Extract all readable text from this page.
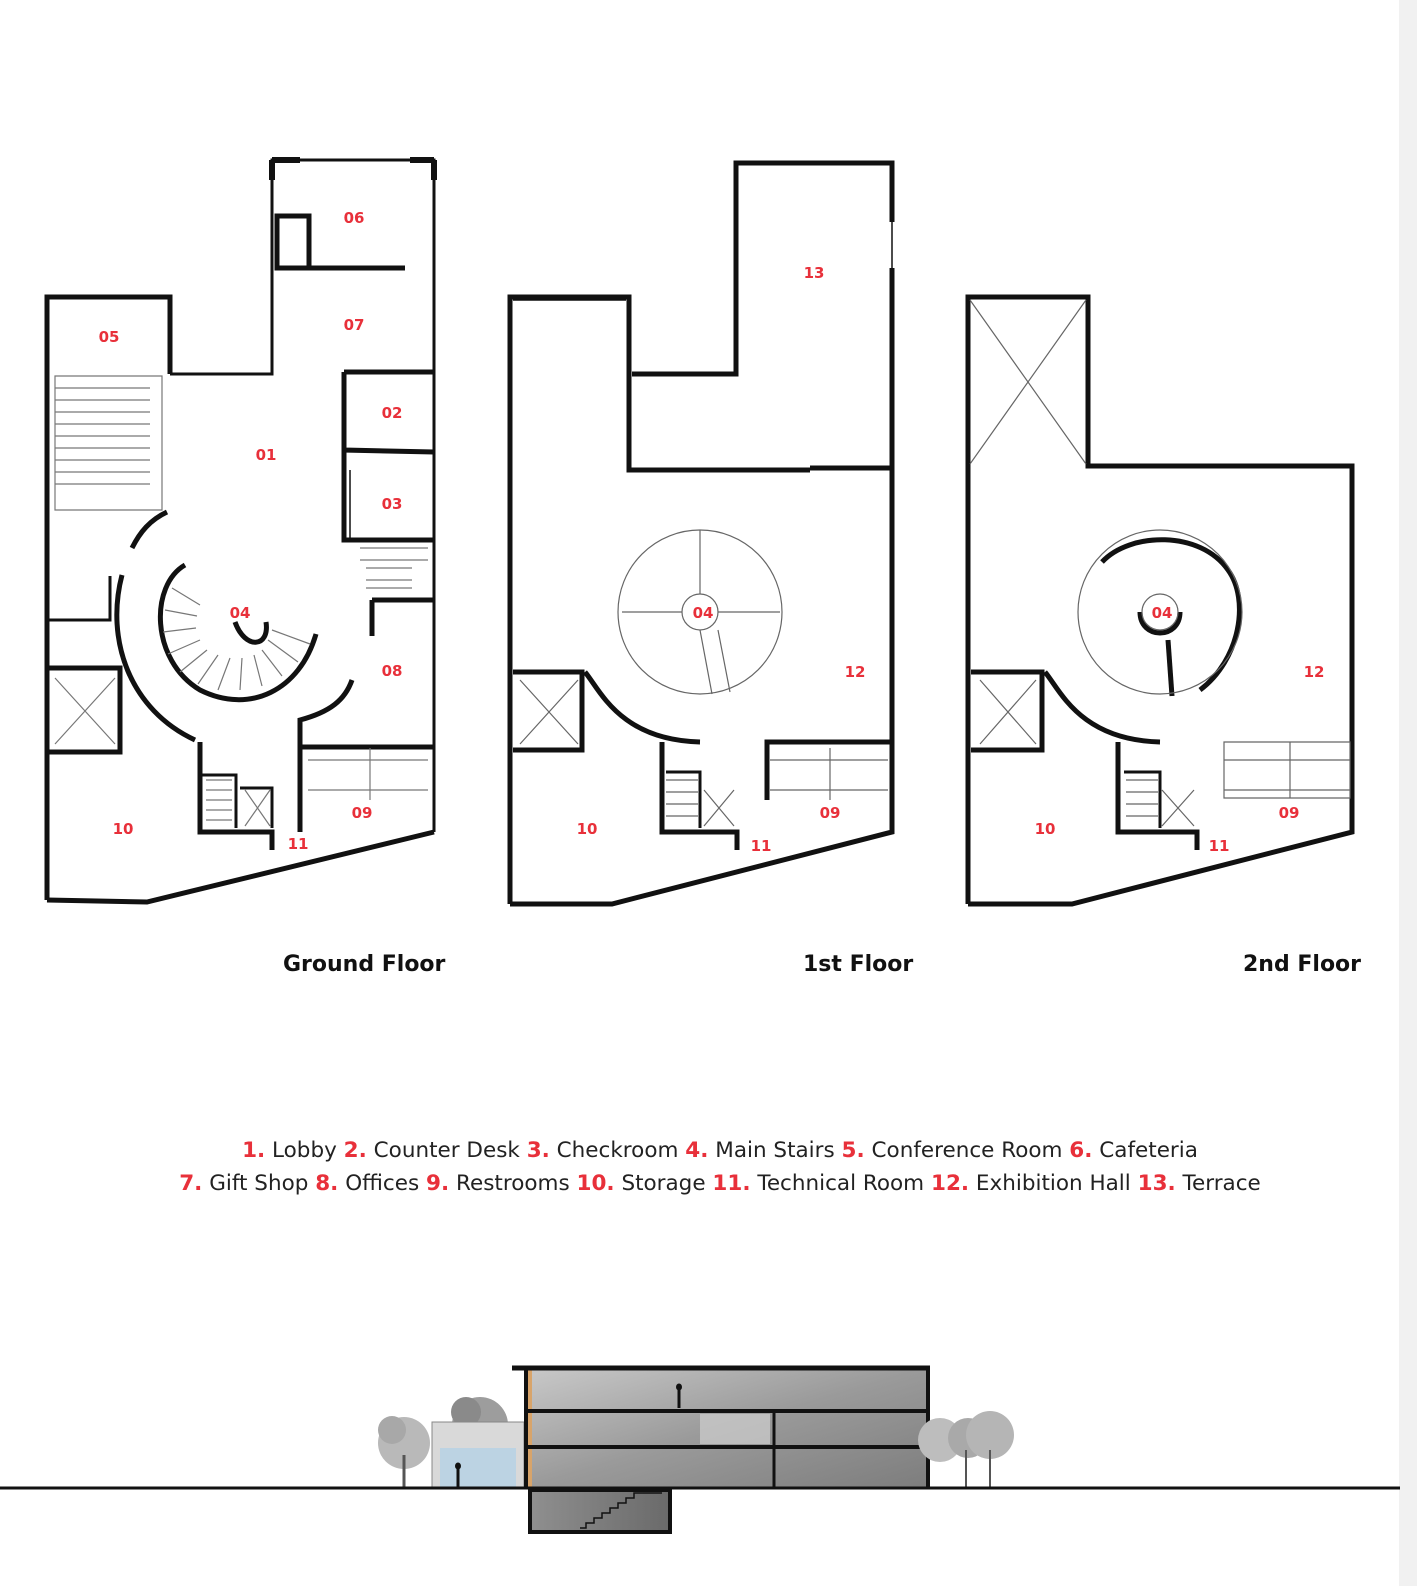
06
07
05
02
01
03
04
08
09
10
11
13
04
12
10
09
11
04
12
10
09
11
Ground Floor	1st Floor	2nd Floor
1. Lobby 2. Counter Desk 3. Checkroom 4. Main Stairs 5. Conference Room 6. Cafeteria
7. Gift Shop 8. Offices 9. Restrooms 10. Storage 11. Technical Room 12. Exhibition Hall 13. Terrace
